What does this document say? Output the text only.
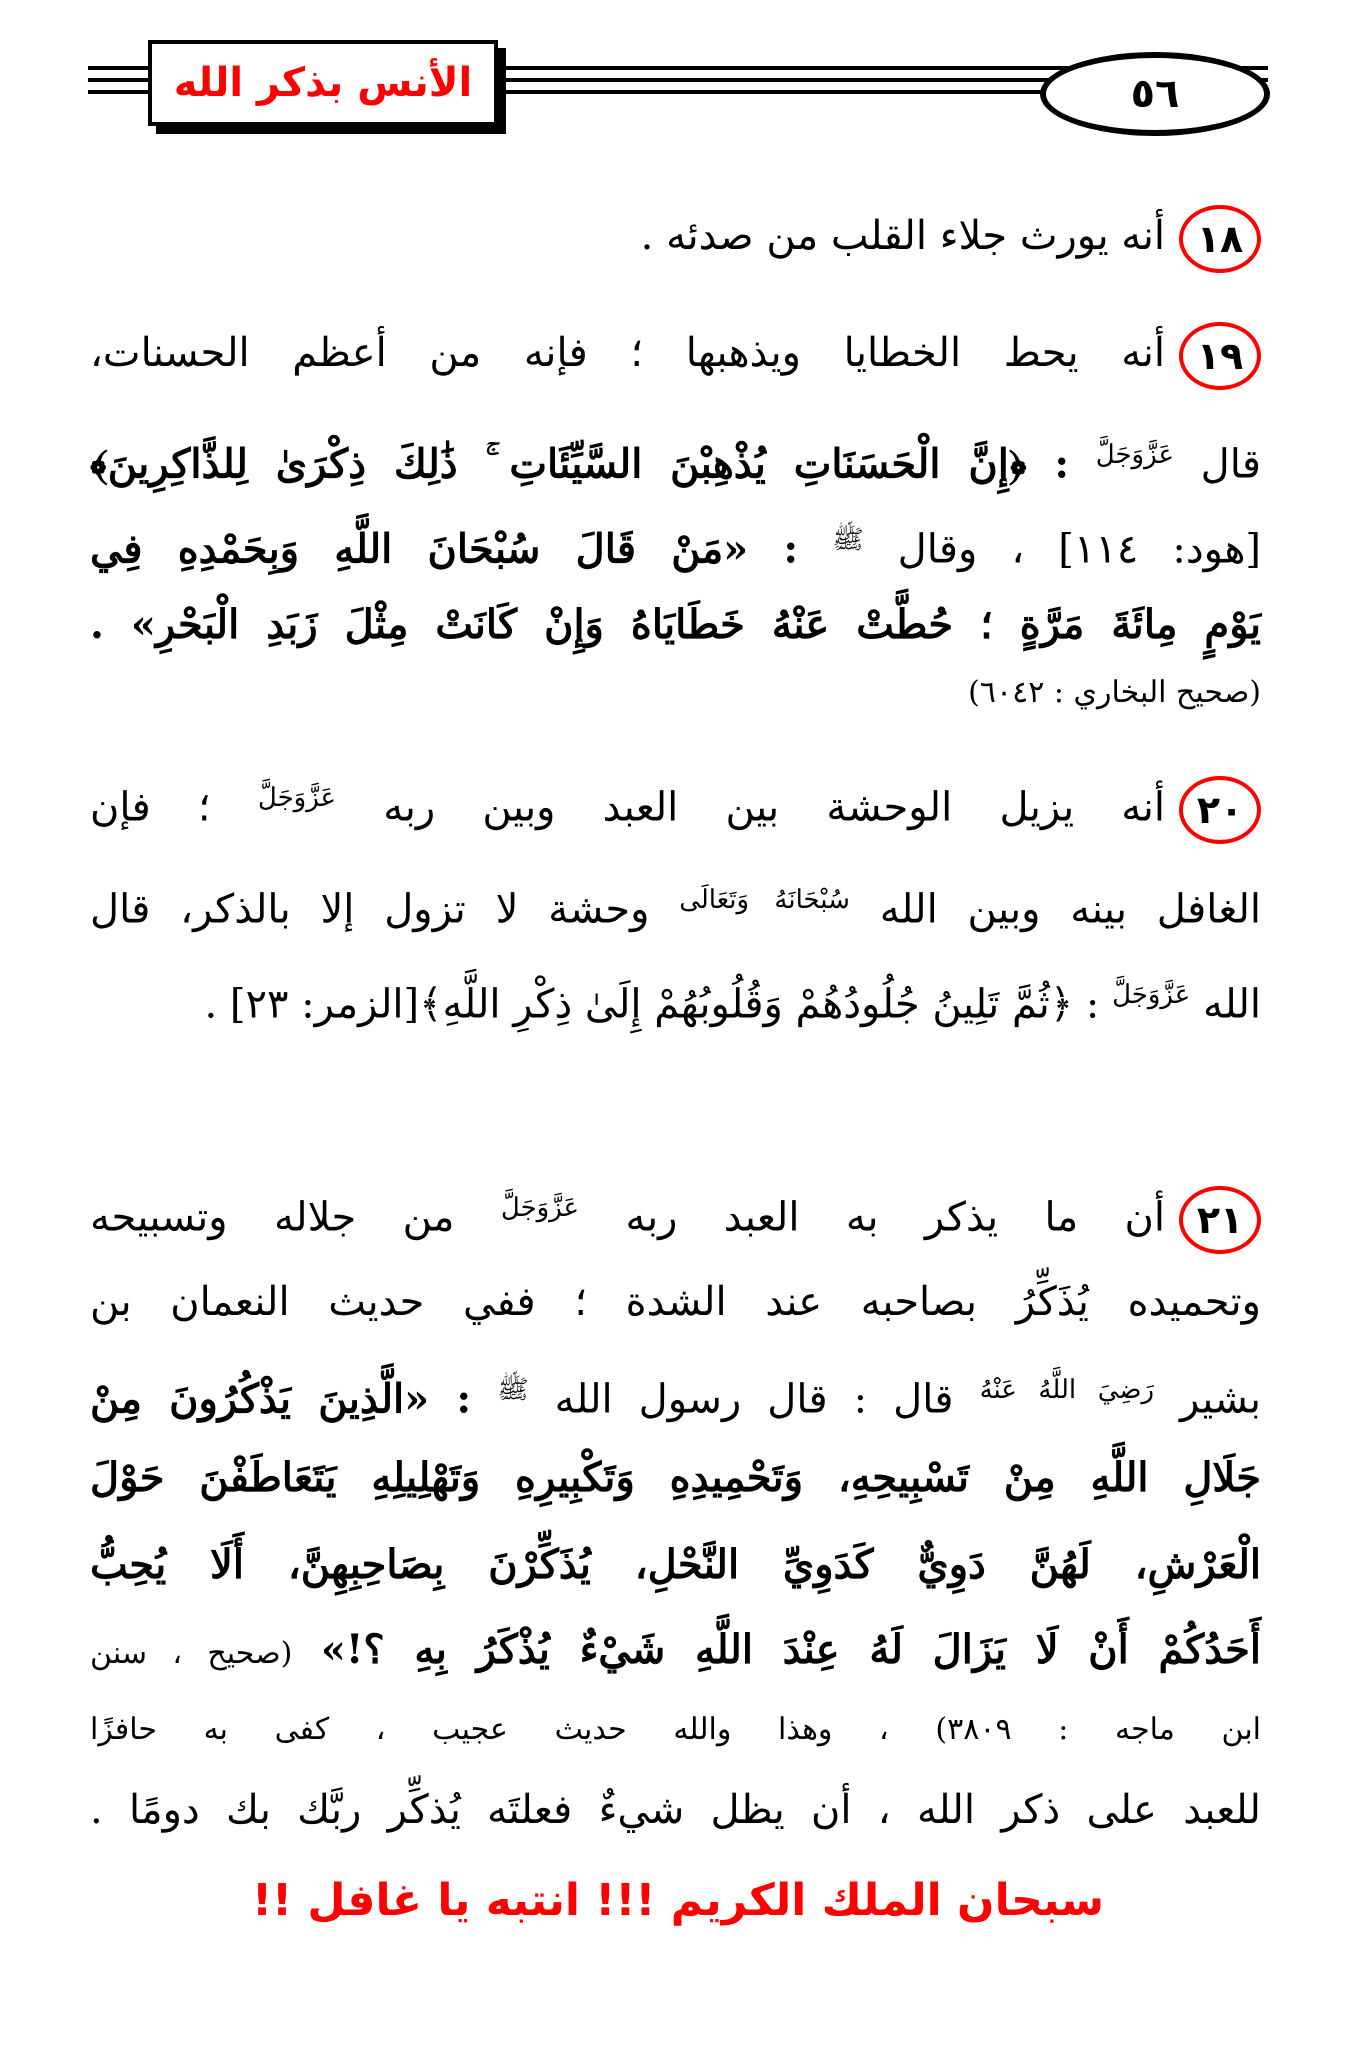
الأنس بذكر الله	٥٦
١٨أنه يورث جلاء القلب من صدئه .
١٩أنه يحط الخطايا ويذهبها ؛ فإنه من أعظم الحسنات،
قال $^{عَزَّوَجَلَّ}$ : ﴿إِنَّ الْحَسَنَاتِ يُذْهِبْنَ السَّيِّئَاتِ ۚ ذَٰلِكَ ذِكْرَىٰ لِلذَّاكِرِينَ﴾
[هود: ١١٤] ، وقال $^ﷺ$ : «مَنْ قَالَ سُبْحَانَ اللَّهِ وَبِحَمْدِهِ فِي
يَوْمٍ مِائَةَ مَرَّةٍ ؛ حُطَّتْ عَنْهُ خَطَايَاهُ وَإِنْ كَانَتْ مِثْلَ زَبَدِ الْبَحْرِ» .
(صحيح البخاري : ٦٠٤٢)
٢٠أنه يزيل الوحشة بين العبد وبين ربه $^{عَزَّوَجَلَّ}$ ؛ فإن
الغافل بينه وبين الله $^{سُبْحَانَهُ وَتَعَالَى}$ وحشة لا تزول إلا بالذكر، قال
الله $^{عَزَّوَجَلَّ}$ : ﴿ثُمَّ تَلِينُ جُلُودُهُمْ وَقُلُوبُهُمْ إِلَىٰ ذِكْرِ اللَّهِ﴾[الزمر: ٢٣] .
٢١أن ما يذكر به العبد ربه $^{عَزَّوَجَلَّ}$ من جلاله وتسبيحه
وتحميده يُذَكِّرُ بصاحبه عند الشدة ؛ ففي حديث النعمان بن
بشير $^{رَضِيَ اللَّهُ عَنْهُ}$ قال : قال رسول الله $^ﷺ$ : «الَّذِينَ يَذْكُرُونَ مِنْ
جَلَالِ اللَّهِ مِنْ تَسْبِيحِهِ، وَتَحْمِيدِهِ وَتَكْبِيرِهِ وَتَهْلِيلِهِ يَتَعَاطَفْنَ حَوْلَ
الْعَرْشِ، لَهُنَّ دَوِيٌّ كَدَوِيِّ النَّحْلِ، يُذَكِّرْنَ بِصَاحِبِهِنَّ، أَلَا يُحِبُّ
أَحَدُكُمْ أَنْ لَا يَزَالَ لَهُ عِنْدَ اللَّهِ شَيْءٌ يُذْكَرُ بِهِ ؟!» (صحيح ، سنن
ابن ماجه : ٣٨٠٩) ، وهذا والله حديث عجيب ، كفى به حافزًا
للعبد على ذكر الله ، أن يظل شيءٌ فعلتَه يُذكِّر ربَّك بك دومًا .
سبحان الملك الكريم !!! انتبه يا غافل !!
